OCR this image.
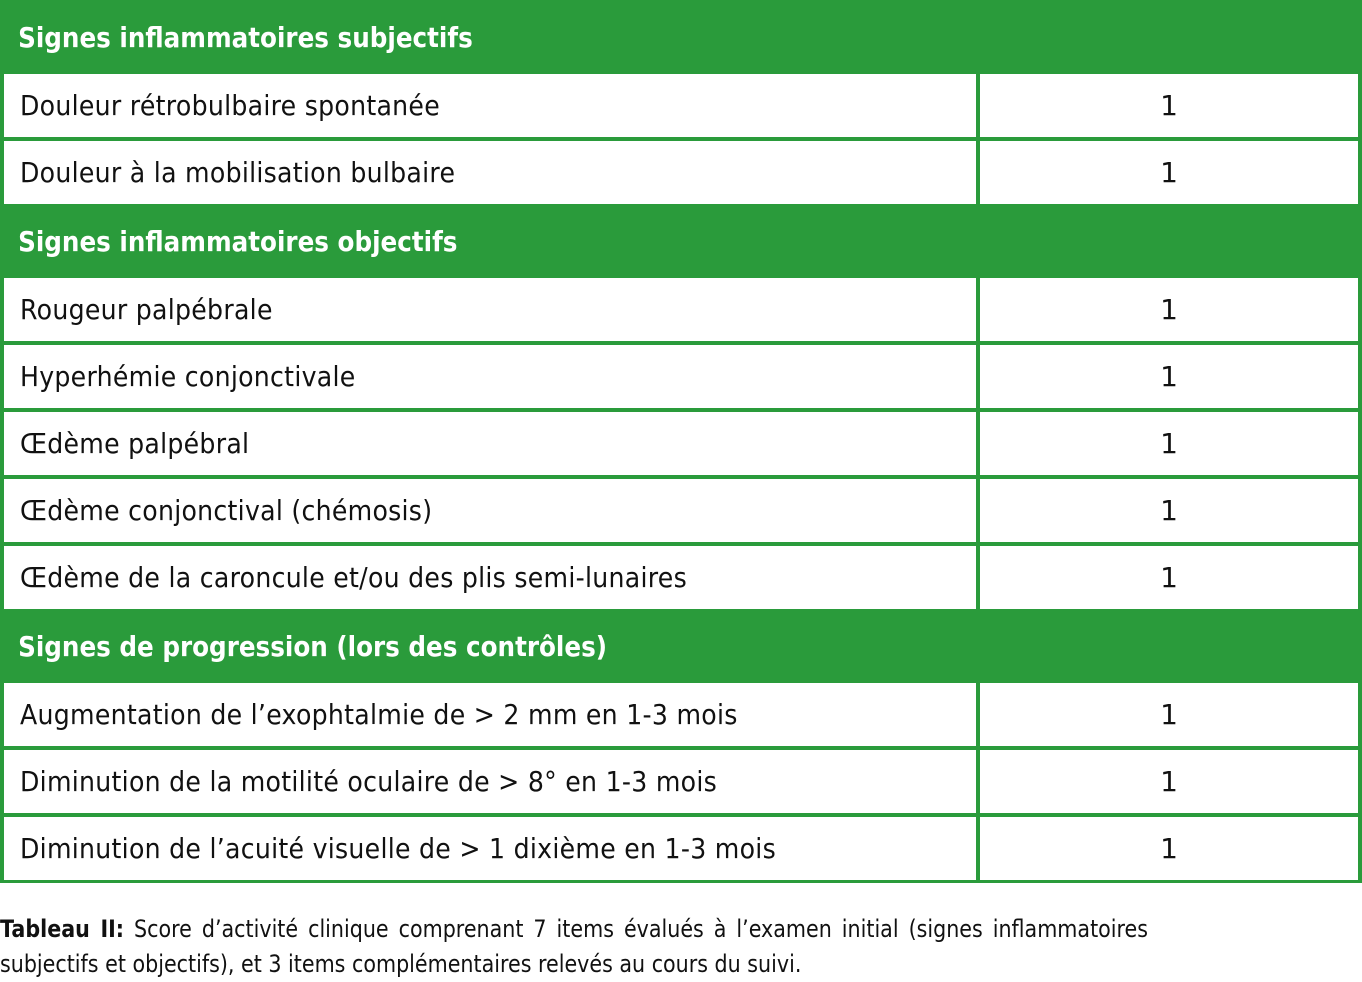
Signes inflammatoires subjectifs
Douleur rétrobulbaire spontanée	1
Douleur à la mobilisation bulbaire	1
Signes inflammatoires objectifs
Rougeur palpébrale	1
Hyperhémie conjonctivale	1
Œdème palpébral	1
Œdème conjonctival (chémosis)	1
Œdème de la caroncule et/ou des plis semi-lunaires	1
Signes de progression (lors des contrôles)
Augmentation de l’exophtalmie de > 2 mm en 1-3 mois	1
Diminution de la motilité oculaire de > 8° en 1-3 mois	1
Diminution de l’acuité visuelle de > 1 dixième en 1-3 mois	1
Tableau II: Score d’activité clinique comprenant 7 items évalués à l’examen initial (signes inflammatoires
subjectifs et objectifs), et 3 items complémentaires relevés au cours du suivi.
